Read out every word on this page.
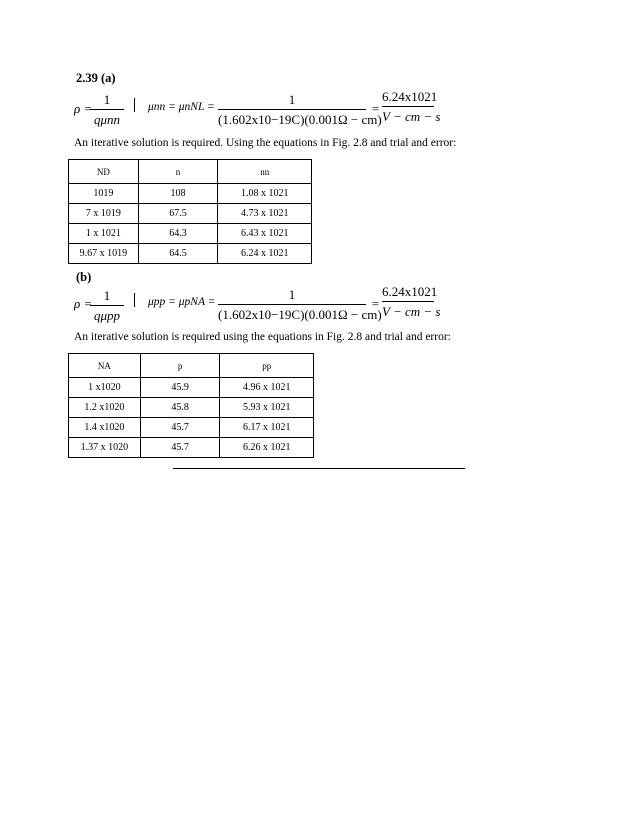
2.39 (a)
ρ =
1
qμnn
μnn = μnNL =	1
(1.602x10−19C)(0.001Ω − cm)
=
6.24x1021
V − cm − s
An iterative solution is required. Using the equations in Fig. 2.8 and trial and error:
ND	n	nn
1019	108	1.08 x 1021
7 x 1019	67.5	4.73 x 1021
1 x 1021	64.3	6.43 x 1021
9.67 x 1019	64.5	6.24 x 1021
(b)
ρ =
1
qμpp
μpp = μpNA =	1
(1.602x10−19C)(0.001Ω − cm)
=
6.24x1021
V − cm − s
An iterative solution is required using the equations in Fig. 2.8 and trial and error:
NA	p	pp
1 x1020	45.9	4.96 x 1021
1.2 x1020	45.8	5.93 x 1021
1.4 x1020	45.7	6.17 x 1021
1.37 x 1020	45.7	6.26 x 1021
